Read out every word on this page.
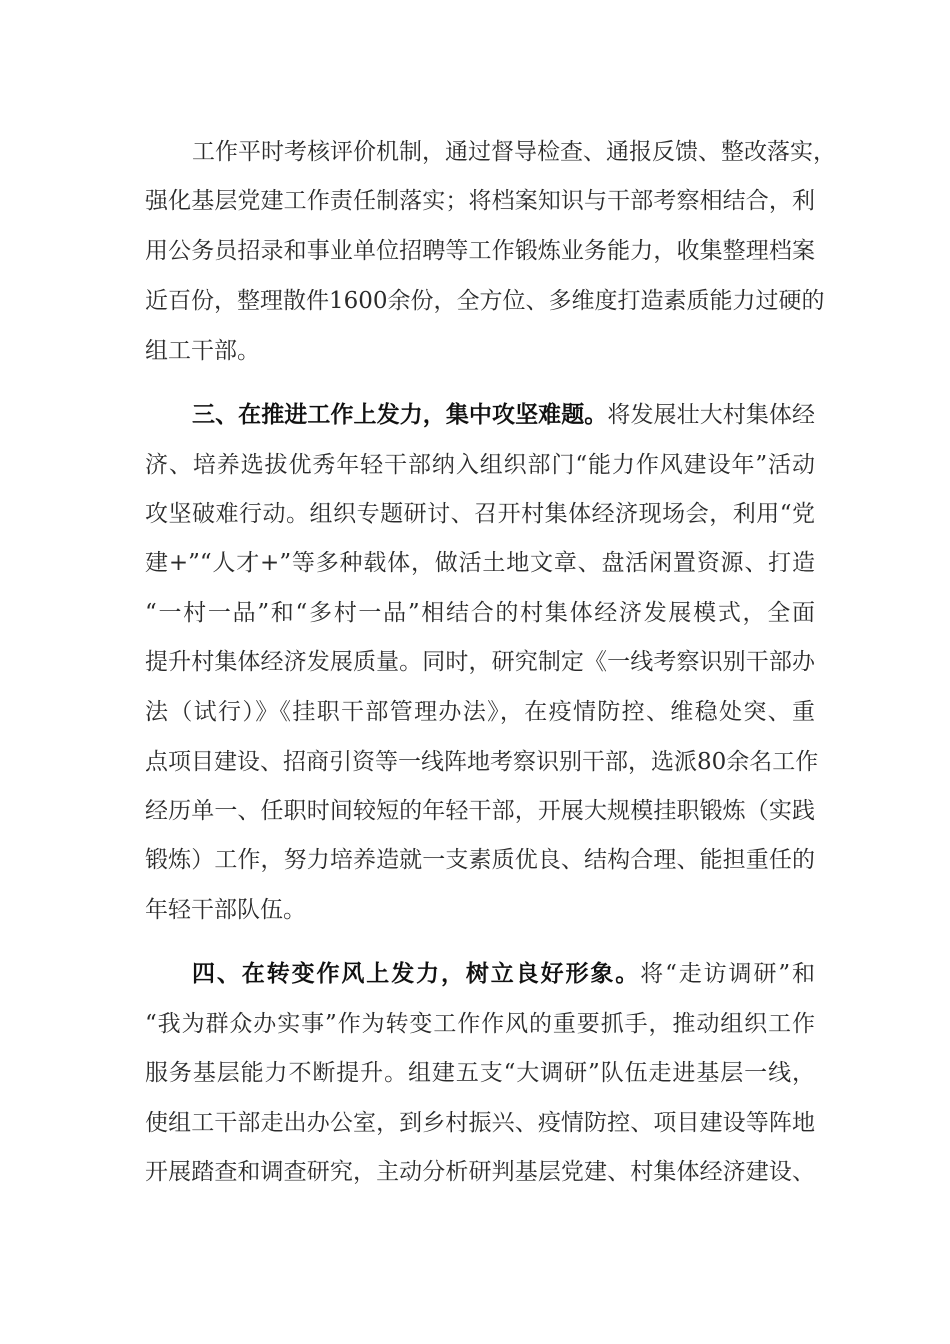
工作平时考核评价机制，通过督导检查、通报反馈、整改落实，
强化基层党建工作责任制落实；将档案知识与干部考察相结合，利
用公务员招录和事业单位招聘等工作锻炼业务能力，收集整理档案
近百份，整理散件1600余份，全方位、多维度打造素质能力过硬的
组工干部。
三、在推进工作上发力，集中攻坚难题。将发展壮大村集体经
济、培养选拔优秀年轻干部纳入组织部门“能力作风建设年”活动
攻坚破难行动。组织专题研讨、召开村集体经济现场会，利用“党
建+”“人才+”等多种载体，做活土地文章、盘活闲置资源、打造
“一村一品”和“多村一品”相结合的村集体经济发展模式，全面
提升村集体经济发展质量。同时，研究制定《一线考察识别干部办
法（试行）》《挂职干部管理办法》，在疫情防控、维稳处突、重
点项目建设、招商引资等一线阵地考察识别干部，选派80余名工作
经历单一、任职时间较短的年轻干部，开展大规模挂职锻炼（实践
锻炼）工作，努力培养造就一支素质优良、结构合理、能担重任的
年轻干部队伍。
四、在转变作风上发力，树立良好形象。将“走访调研”和
“我为群众办实事”作为转变工作作风的重要抓手，推动组织工作
服务基层能力不断提升。组建五支“大调研”队伍走进基层一线，
使组工干部走出办公室，到乡村振兴、疫情防控、项目建设等阵地
开展踏查和调查研究，主动分析研判基层党建、村集体经济建设、
